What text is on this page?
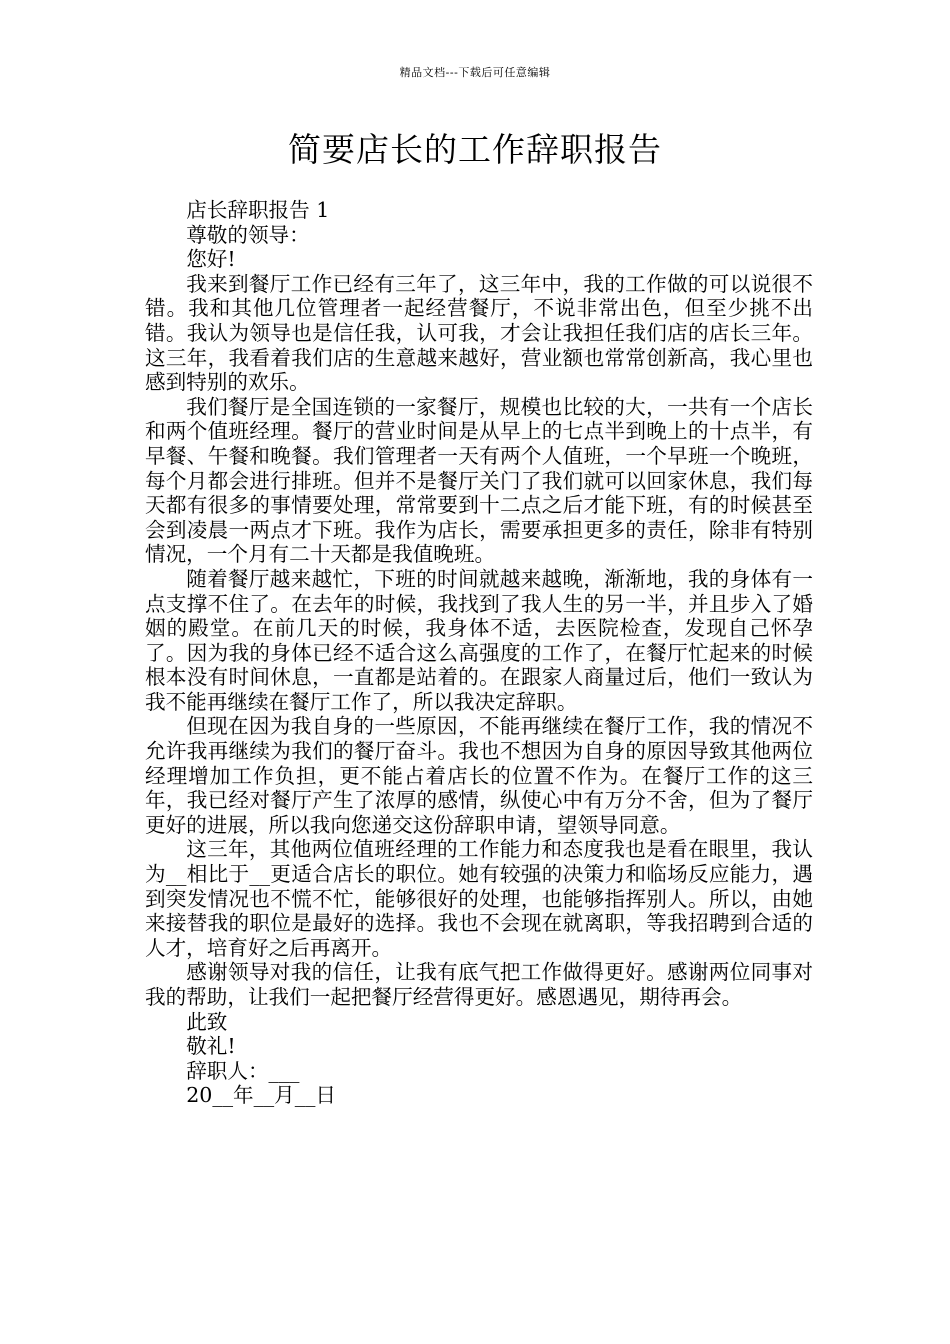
精品文档---下载后可任意编辑
简要店长的工作辞职报告
店长辞职报告 1
尊敬的领导：
您好!

我来到餐厅工作已经有三年了，这三年中，我的工作做的可以说很不错。我和其他几位管理者一起经营餐厅，不说非常出色，但至少挑不出错。我认为领导也是信任我，认可我，才会让我担任我们店的店长三年。这三年，我看着我们店的生意越来越好，营业额也常常创新高，我心里也感到特别的欢乐。

我们餐厅是全国连锁的一家餐厅，规模也比较的大，一共有一个店长和两个值班经理。餐厅的营业时间是从早上的七点半到晚上的十点半，有早餐、午餐和晚餐。我们管理者一天有两个人值班，一个早班一个晚班，每个月都会进行排班。但并不是餐厅关门了我们就可以回家休息，我们每天都有很多的事情要处理，常常要到十二点之后才能下班，有的时候甚至会到凌晨一两点才下班。我作为店长，需要承担更多的责任，除非有特别情况，一个月有二十天都是我值晚班。

随着餐厅越来越忙，下班的时间就越来越晚，渐渐地，我的身体有一点支撑不住了。在去年的时候，我找到了我人生的另一半，并且步入了婚姻的殿堂。在前几天的时候，我身体不适，去医院检查，发现自己怀孕了。因为我的身体已经不适合这么高强度的工作了，在餐厅忙起来的时候根本没有时间休息，一直都是站着的。在跟家人商量过后，他们一致认为我不能再继续在餐厅工作了，所以我决定辞职。

但现在因为我自身的一些原因，不能再继续在餐厅工作，我的情况不允许我再继续为我们的餐厅奋斗。我也不想因为自身的原因导致其他两位经理增加工作负担，更不能占着店长的位置不作为。在餐厅工作的这三年，我已经对餐厅产生了浓厚的感情，纵使心中有万分不舍，但为了餐厅更好的进展，所以我向您递交这份辞职申请，望领导同意。

这三年，其他两位值班经理的工作能力和态度我也是看在眼里，我认为__相比于__更适合店长的职位。她有较强的决策力和临场反应能力，遇到突发情况也不慌不忙，能够很好的处理，也能够指挥别人。所以，由她来接替我的职位是最好的选择。我也不会现在就离职，等我招聘到合适的人才，培育好之后再离开。

感谢领导对我的信任，让我有底气把工作做得更好。感谢两位同事对我的帮助，让我们一起把餐厅经营得更好。感恩遇见，期待再会。

此致
敬礼!
辞职人：___
20__年__月__日
